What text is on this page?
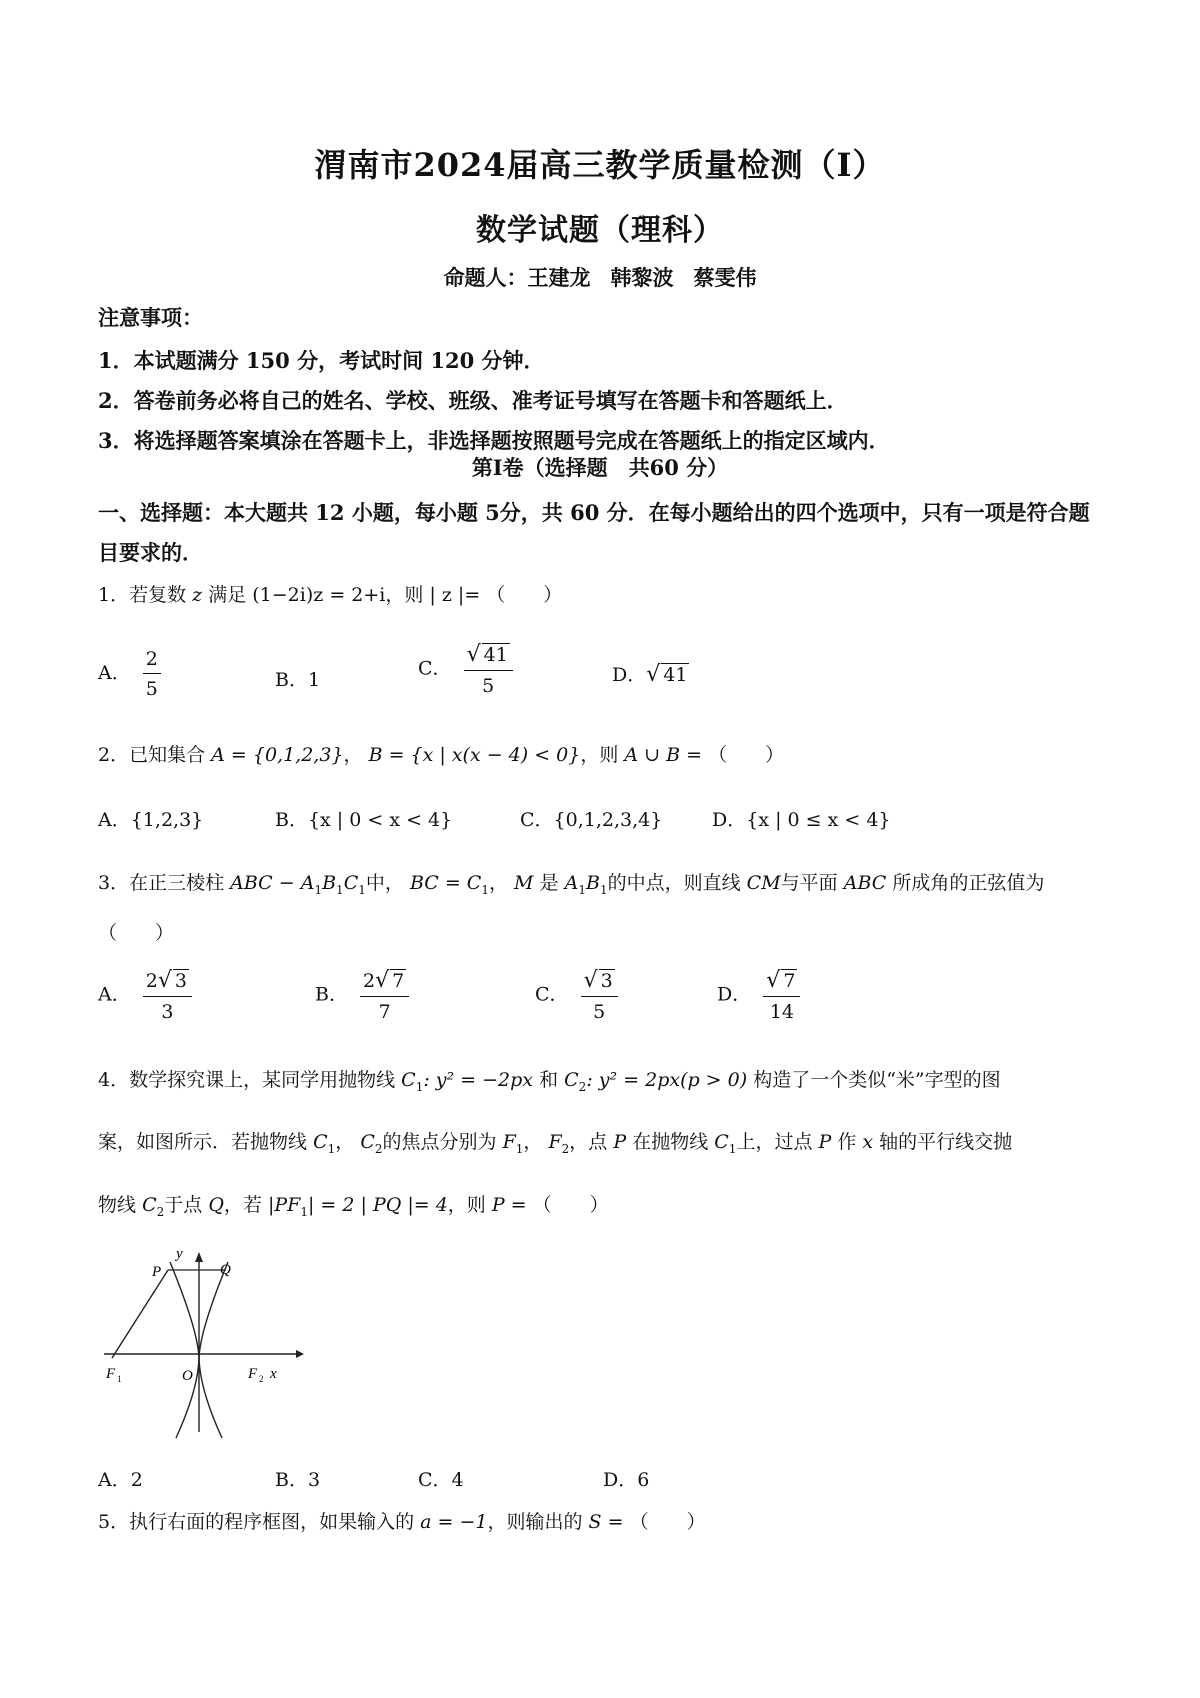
渭南市2024届高三教学质量检测（Ⅰ）
数学试题（理科）
命题人：王建龙 韩黎波 蔡雯伟
注意事项：
1．本试题满分 150 分，考试时间 120 分钟．
2．答卷前务必将自己的姓名、学校、班级、准考证号填写在答题卡和答题纸上．
3．将选择题答案填涂在答题卡上，非选择题按照题号完成在答题纸上的指定区域内．
第Ⅰ卷（选择题　共60 分）
一、选择题：本大题共 12 小题，每小题 5分，共 60 分．在每小题给出的四个选项中，只有一项是符合题目要求的．
1．若复数 z 满足 (1−2i)z = 2+i，则 | z |= （　　）
A． $\frac{2}{5}$	B．1
C． $\frac{√ 41}{5}$	D．√ 41
2．已知集合 A = {0,1,2,3}， B = {x | x(x − 4) < 0}，则 A ∪ B = （　　）
A．{1,2,3}	B．{x | 0 < x < 4}	C．{0,1,2,3,4}	D．{x | 0 ≤ x < 4}
3．在正三棱柱 ABC − $A_1B_1C_1$中， BC = $C_1$， M 是 $A_1B_1$的中点，则直线 CM与平面 ABC 所成角的正弦值为
（　　）
A． $\frac{2√ 3}{3}$	B． $\frac{2√ 7}{7}$	C． $\frac{√ 3}{5}$	D． $\frac{√ 7}{14}$
4．数学探究课上，某同学用抛物线 $C_1$: y² = −2px 和 $C_2$: y² = 2px(p > 0) 构造了一个类似“米”字型的图
案，如图所示．若抛物线 $C_1$， $C_2$的焦点分别为 $F_1$， $F_2$，点 P 在抛物线 $C_1$上，过点 P 作 x 轴的平行线交抛
物线 $C_2$于点 Q，若 $|PF_1| = 2$ | PQ |= 4，则 P = （　　）
y
P	Q
F 1	O	F 2 x
A．2	B．3	C．4	D．6
5．执行右面的程序框图，如果输入的 a = −1，则输出的 S = （　　）
